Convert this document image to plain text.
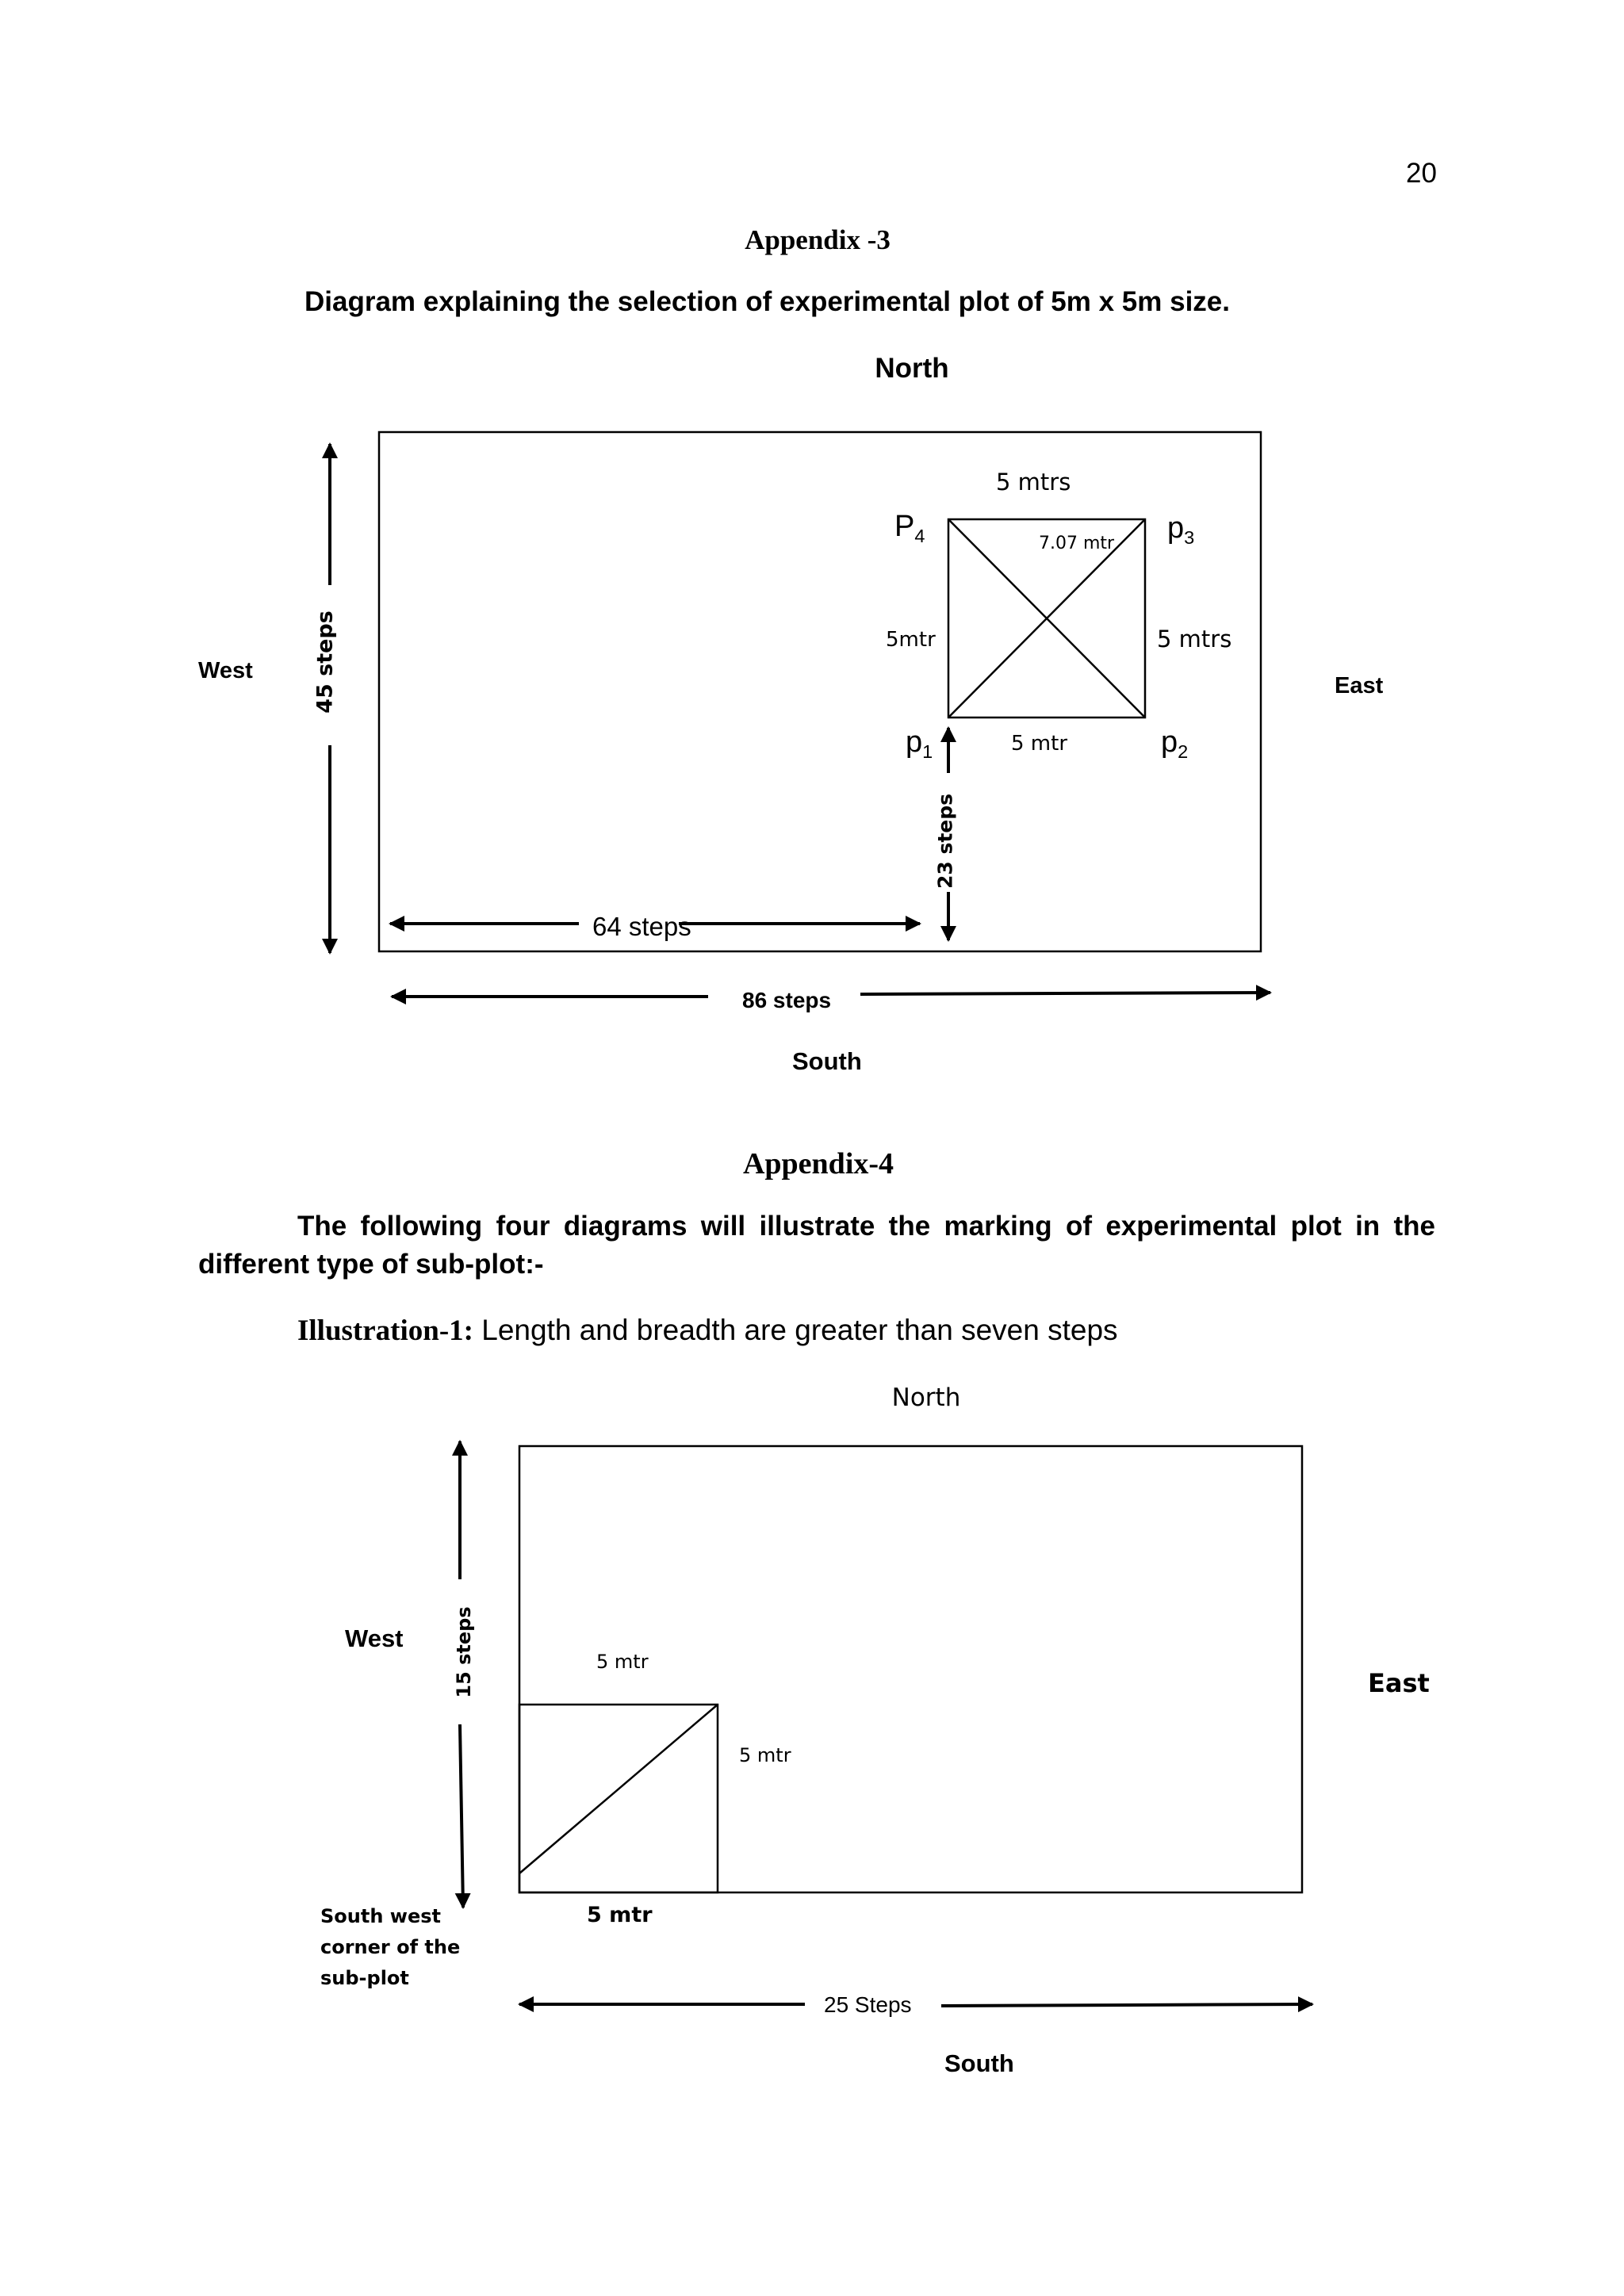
20
Appendix -3
Diagram explaining the selection of experimental plot of 5m x 5m size.
North
5 mtrs
7.07 mtr
5mtr	5 mtrs
5 mtr
$P_4$	$p_3$
$p_1$	$p_2$
West
East
45 steps
23 steps
64 steps
86 steps
South
Appendix-4
The following four diagrams will illustrate the marking of experimental plot in the different type of sub-plot:-
Illustration-1: Length and breadth are greater than seven steps
North
West
East
15 steps	5 mtr
5 mtr
5 mtr
South west
corner of the
sub-plot
25 Steps
South
